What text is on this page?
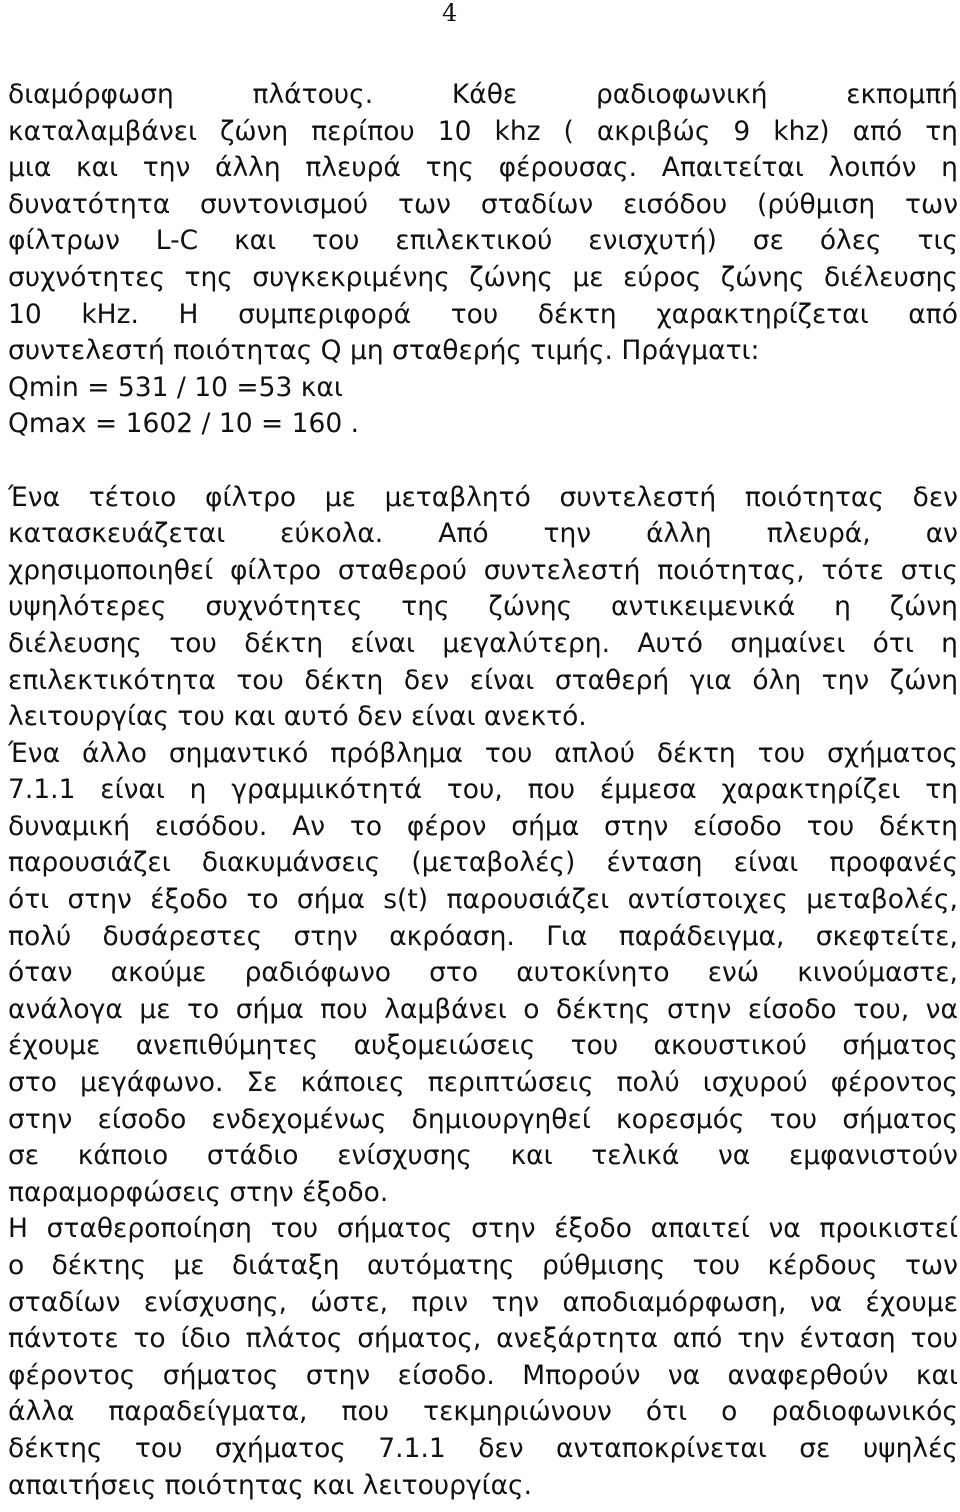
4
διαμόρφωση	πλάτους.	Κάθε	ραδιοφωνική	εκπομπή
καταλαμβάνει ζώνη περίπου 10 khz ( ακριβώς 9 khz) από τη
μια και την άλλη πλευρά της φέρουσας. Απαιτείται λοιπόν η
δυνατότητα συντονισμού των σταδίων εισόδου (ρύθμιση των
φίλτρων L-C και του επιλεκτικού ενισχυτή) σε όλες τις
συχνότητες της συγκεκριμένης ζώνης με εύρος ζώνης διέλευσης
10 kHz. Η συμπεριφορά του δέκτη χαρακτηρίζεται από
συντελεστή ποιότητας Q μη σταθερής τιμής. Πράγματι:
Qmin = 531 / 10 =53 και
Qmax = 1602 / 10 = 160 .
Ένα τέτοιο φίλτρο με μεταβλητό συντελεστή ποιότητας δεν
κατασκευάζεται εύκολα. Από την άλλη πλευρά, αν
χρησιμοποιηθεί φίλτρο σταθερού συντελεστή ποιότητας, τότε στις
υψηλότερες συχνότητες της ζώνης αντικειμενικά η ζώνη
διέλευσης του δέκτη είναι μεγαλύτερη. Αυτό σημαίνει ότι η
επιλεκτικότητα του δέκτη δεν είναι σταθερή για όλη την ζώνη
λειτουργίας του και αυτό δεν είναι ανεκτό.
Ένα άλλο σημαντικό πρόβλημα του απλού δέκτη του σχήματος
7.1.1 είναι η γραμμικότητά του, που έμμεσα χαρακτηρίζει τη
δυναμική εισόδου. Αν το φέρον σήμα στην είσοδο του δέκτη
παρουσιάζει διακυμάνσεις (μεταβολές) ένταση είναι προφανές
ότι στην έξοδο το σήμα s(t) παρουσιάζει αντίστοιχες μεταβολές,
πολύ δυσάρεστες στην ακρόαση. Για παράδειγμα, σκεφτείτε,
όταν ακούμε ραδιόφωνο στο αυτοκίνητο ενώ κινούμαστε,
ανάλογα με το σήμα που λαμβάνει ο δέκτης στην είσοδο του, να
έχουμε ανεπιθύμητες αυξομειώσεις του ακουστικού σήματος
στο μεγάφωνο. Σε κάποιες περιπτώσεις πολύ ισχυρού φέροντος
στην είσοδο ενδεχομένως δημιουργηθεί κορεσμός του σήματος
σε κάποιο στάδιο ενίσχυσης και τελικά να εμφανιστούν
παραμορφώσεις στην έξοδο.
Η σταθεροποίηση του σήματος στην έξοδο απαιτεί να προικιστεί
ο δέκτης με διάταξη αυτόματης ρύθμισης του κέρδους των
σταδίων ενίσχυσης, ώστε, πριν την αποδιαμόρφωση, να έχουμε
πάντοτε το ίδιο πλάτος σήματος, ανεξάρτητα από την ένταση του
φέροντος σήματος στην είσοδο. Μπορούν να αναφερθούν και
άλλα παραδείγματα, που τεκμηριώνουν ότι ο ραδιοφωνικός
δέκτης του σχήματος 7.1.1 δεν ανταποκρίνεται σε υψηλές
απαιτήσεις ποιότητας και λειτουργίας.
